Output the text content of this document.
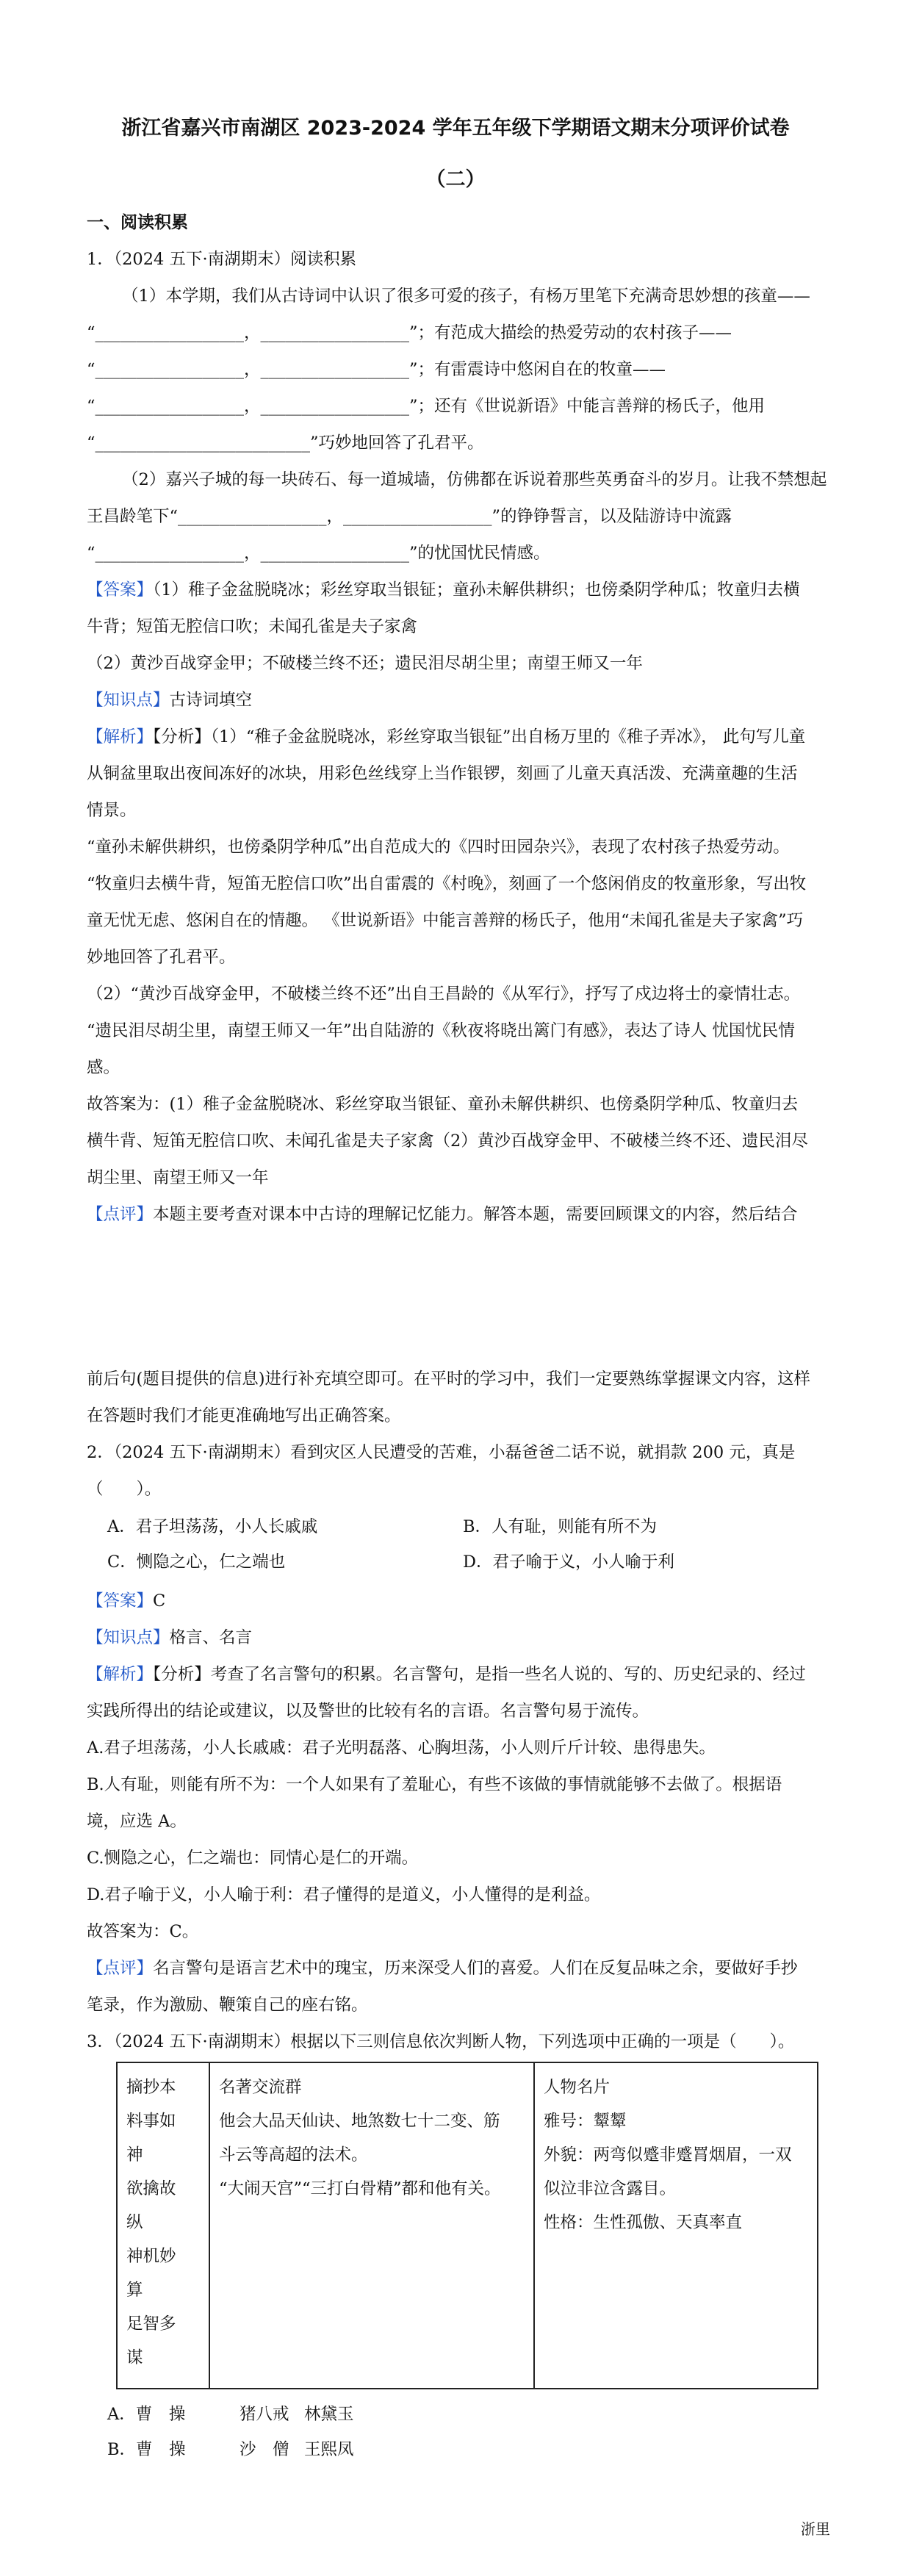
浙江省嘉兴市南湖区 2023-2024 学年五年级下学期语文期末分项评价试卷
（二）
一、阅读积累
1．（2024 五下·南湖期末）阅读积累
（1）本学期，我们从古诗词中认识了很多可爱的孩子，有杨万里笔下充满奇思妙想的孩童——
“__________________，__________________”；有范成大描绘的热爱劳动的农村孩子——
“__________________，__________________”；有雷震诗中悠闲自在的牧童——
“__________________，__________________”；还有《世说新语》中能言善辩的杨氏子，他用
“__________________________”巧妙地回答了孔君平。
（2）嘉兴子城的每一块砖石、每一道城墙，仿佛都在诉说着那些英勇奋斗的岁月。让我不禁想起
王昌龄笔下“__________________，__________________”的铮铮誓言，以及陆游诗中流露
“__________________，__________________”的忧国忧民情感。
【答案】（1）稚子金盆脱晓冰；彩丝穿取当银钲；童孙未解供耕织；也傍桑阴学种瓜；牧童归去横
牛背；短笛无腔信口吹；未闻孔雀是夫子家禽
（2）黄沙百战穿金甲；不破楼兰终不还；遗民泪尽胡尘里；南望王师又一年
【知识点】古诗词填空
【解析】【分析】（1）“稚子金盆脱晓冰，彩丝穿取当银钲”出自杨万里的《稚子弄冰》， 此句写儿童
从铜盆里取出夜间冻好的冰块，用彩色丝线穿上当作银锣，刻画了儿童天真活泼、充满童趣的生活
情景。
“童孙未解供耕织，也傍桑阴学种瓜”出自范成大的《四时田园杂兴》，表现了农村孩子热爱劳动。
“牧童归去横牛背，短笛无腔信口吹”出自雷震的《村晚》，刻画了一个悠闲俏皮的牧童形象，写出牧
童无忧无虑、悠闲自在的情趣。 《世说新语》中能言善辩的杨氏子，他用“未闻孔雀是夫子家禽”巧
妙地回答了孔君平。
（2）“黄沙百战穿金甲，不破楼兰终不还”出自王昌龄的《从军行》，抒写了戍边将士的豪情壮志。
“遗民泪尽胡尘里，南望王师又一年”出自陆游的《秋夜将晓出篱门有感》，表达了诗人 忧国忧民情
感。
故答案为：(1）稚子金盆脱晓冰、彩丝穿取当银钲、童孙未解供耕织、也傍桑阴学种瓜、牧童归去
横牛背、短笛无腔信口吹、未闻孔雀是夫子家禽（2）黄沙百战穿金甲、不破楼兰终不还、遗民泪尽
胡尘里、南望王师又一年
【点评】本题主要考查对课本中古诗的理解记忆能力。解答本题，需要回顾课文的内容，然后结合
前后句(题目提供的信息)进行补充填空即可。在平时的学习中，我们一定要熟练掌握课文内容，这样
在答题时我们才能更准确地写出正确答案。
2．（2024 五下·南湖期末）看到灾区人民遭受的苦难，小磊爸爸二话不说，就捐款 200 元，真是
（　　）。
A．君子坦荡荡，小人长戚戚	B．人有耻，则能有所不为
C．恻隐之心，仁之端也	D．君子喻于义，小人喻于利
【答案】C
【知识点】格言、名言
【解析】【分析】考查了名言警句的积累。名言警句，是指一些名人说的、写的、历史纪录的、经过
实践所得出的结论或建议，以及警世的比较有名的言语。名言警句易于流传。
A.君子坦荡荡，小人长戚戚：君子光明磊落、心胸坦荡，小人则斤斤计较、患得患失。
B.人有耻，则能有所不为：一个人如果有了羞耻心，有些不该做的事情就能够不去做了。根据语
境，应选 A。
C.恻隐之心，仁之端也：同情心是仁的开端。
D.君子喻于义，小人喻于利：君子懂得的是道义，小人懂得的是利益。
故答案为：C。
【点评】名言警句是语言艺术中的瑰宝，历来深受人们的喜爱。人们在反复品味之余，要做好手抄
笔录，作为激励、鞭策自己的座右铭。
3．（2024 五下·南湖期末）根据以下三则信息依次判断人物，下列选项中正确的一项是（　　）。
摘抄本
料事如
神
欲擒故
纵
神机妙
算
足智多
谋

名著交流群
他会大品天仙诀、地煞数七十二变、筋
斗云等高超的法术。
“大闹天宫”“三打白骨精”都和他有关。

人物名片
雅号：颦颦
外貌：两弯似蹙非蹙罥烟眉，一双
似泣非泣含露目。
性格：生性孤傲、天真率直
A．曹　操	猪八戒 林黛玉
B．曹　操	沙　僧 王熙凤
浙里
